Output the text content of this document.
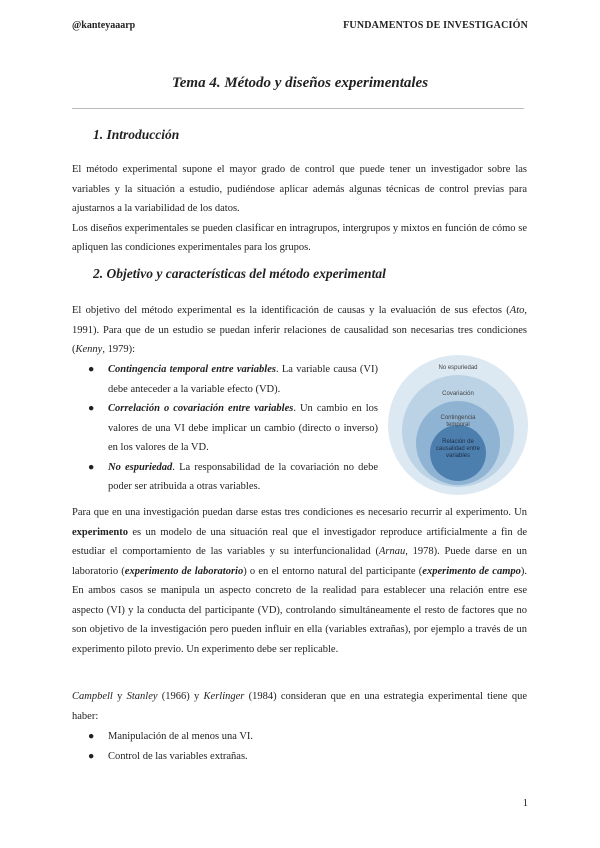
@kanteyaaarp	FUNDAMENTOS DE INVESTIGACIÓN
Tema 4. Método y diseños experimentales
1. Introducción
El método experimental supone el mayor grado de control que puede tener un investigador sobre las variables y la situación a estudio, pudiéndose aplicar además algunas técnicas de control previas para ajustarnos a la variabilidad de los datos.
Los diseños experimentales se pueden clasificar en intragrupos, intergrupos y mixtos en función de cómo se apliquen las condiciones experimentales para los grupos.
2. Objetivo y características del método experimental
El objetivo del método experimental es la identificación de causas y la evaluación de sus efectos (Ato, 1991). Para que de un estudio se puedan inferir relaciones de causalidad son necesarias tres condiciones (Kenny, 1979):
● Contingencia temporal entre variables. La variable causa (VI) debe anteceder a la variable efecto (VD).
● Correlación o covariación entre variables. Un cambio en los valores de una VI debe implicar un cambio (directo o inverso) en los valores de la VD.
● No espuriedad. La responsabilidad de la covariación no debe poder ser atribuida a otras variables.
No espuriedad
Covariación
Contingencia temporal
Relación de causalidad entre variables
Para que en una investigación puedan darse estas tres condiciones es necesario recurrir al experimento. Un experimento es un modelo de una situación real que el investigador reproduce artificialmente a fin de estudiar el comportamiento de las variables y su interfuncionalidad (Arnau, 1978). Puede darse en un laboratorio (experimento de laboratorio) o en el entorno natural del participante (experimento de campo). En ambos casos se manipula un aspecto concreto de la realidad para establecer una relación entre ese aspecto (VI) y la conducta del participante (VD), controlando simultáneamente el resto de factores que no son objetivo de la investigación pero pueden influir en ella (variables extrañas), por ejemplo a través de un experimento piloto previo. Un experimento debe ser replicable.
Campbell y Stanley (1966) y Kerlinger (1984) consideran que en una estrategia experimental tiene que haber:
● Manipulación de al menos una VI.
● Control de las variables extrañas.
1
